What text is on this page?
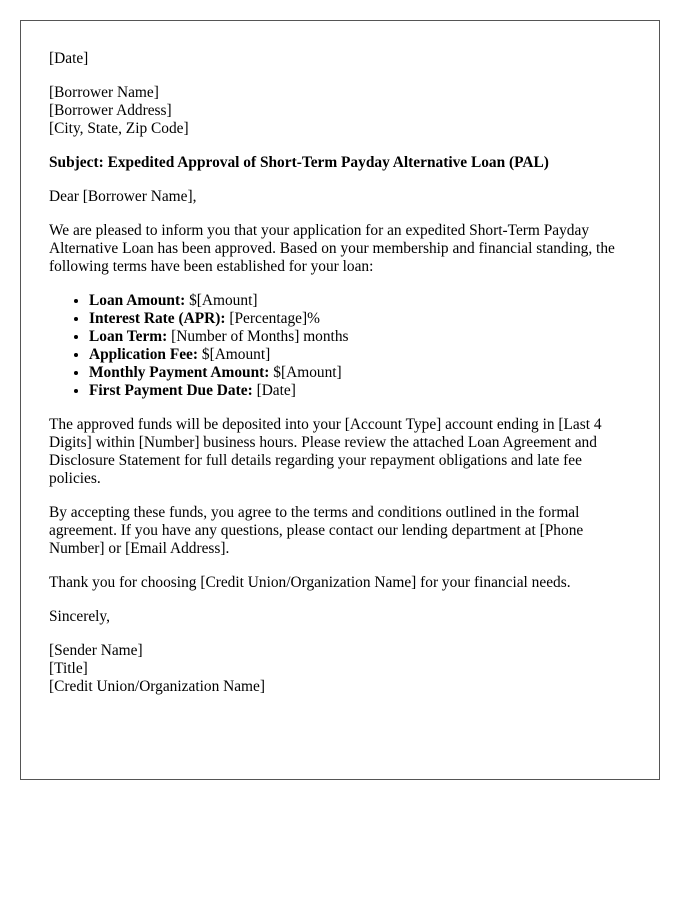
[Date]

[Borrower Name]
[Borrower Address]
[City, State, Zip Code]

Subject: Expedited Approval of Short-Term Payday Alternative Loan (PAL)

Dear [Borrower Name],

We are pleased to inform you that your application for an expedited Short-Term Payday Alternative Loan has been approved. Based on your membership and financial standing, the following terms have been established for your loan:

• Loan Amount: $[Amount]
• Interest Rate (APR): [Percentage]%
• Loan Term: [Number of Months] months
• Application Fee: $[Amount]
• Monthly Payment Amount: $[Amount]
• First Payment Due Date: [Date]

The approved funds will be deposited into your [Account Type] account ending in [Last 4 Digits] within [Number] business hours. Please review the attached Loan Agreement and Disclosure Statement for full details regarding your repayment obligations and late fee policies.

By accepting these funds, you agree to the terms and conditions outlined in the formal agreement. If you have any questions, please contact our lending department at [Phone Number] or [Email Address].

Thank you for choosing [Credit Union/Organization Name] for your financial needs.

Sincerely,

[Sender Name]
[Title]
[Credit Union/Organization Name]
